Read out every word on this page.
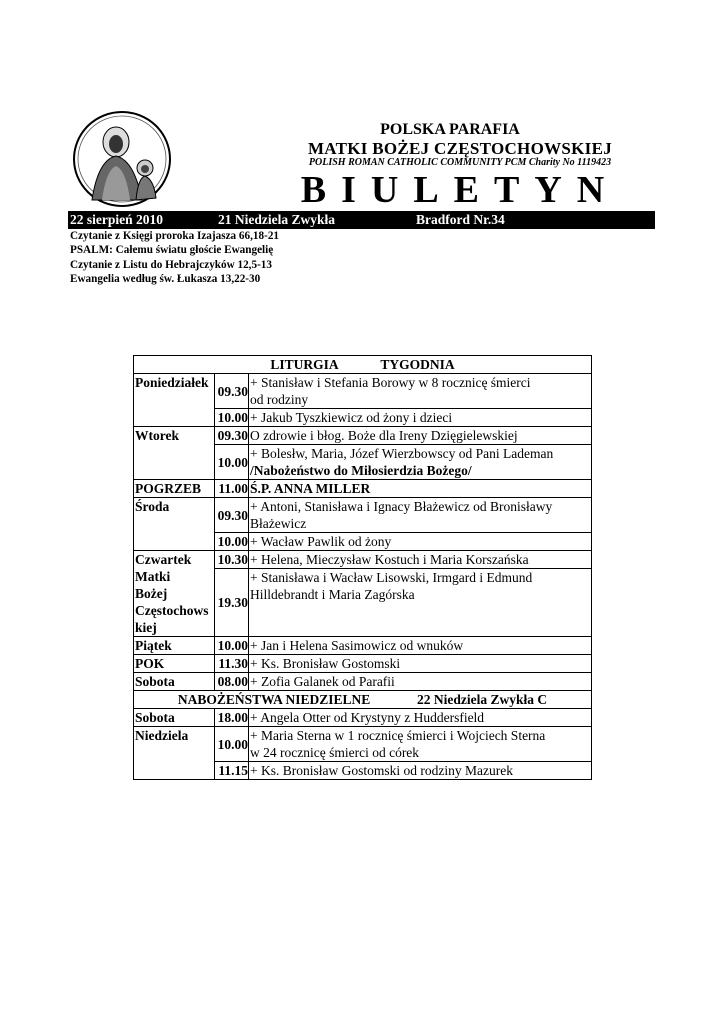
POLSKA PARAFIA
MATKI BOŻEJ CZĘSTOCHOWSKIEJ
POLISH ROMAN CATHOLIC COMMUNITY PCM Charity No 1119423
BIULETYN
22 sierpień 2010	21 Niedziela Zwykła	Bradford Nr.34
Czytanie z Księgi proroka Izajasza 66,18-21
PSALM: Całemu światu głoście Ewangelię
Czytanie z Listu do Hebrajczyków 12,5-13
Ewangelia według św. Łukasza 13,22-30
LITURGIA TYGODNIA		
Poniedziałek	09.30	+ Stanisław i Stefania Borowy w 8 rocznicę śmierci
od rodziny

	10.00	+ Jakub Tyszkiewicz od żony i dzieci
Wtorek	09.30	O zdrowie i błog. Boże dla Ireny Dzięgielewskiej
	10.00	+ Bolesłw, Maria, Józef Wierzbowscy od Pani Lademan
/Nabożeństwo do Miłosierdzia Bożego/

POGRZEB	11.00	Ś.P. ANNA MILLER
Środa	09.30	+ Antoni, Stanisława i Ignacy Błażewicz od Bronisławy
Błażewicz

	10.00	+ Wacław Pawlik od żony

Czwartek
Matki
Bożej
Częstochows
kiej	10.30	+ Helena, Mieczysław Kostuch i Maria Korszańska
	19.30	+ Stanisława i Wacław Lisowski, Irmgard i Edmund
Hilldebrandt i Maria Zagórska

Piątek	10.00	+ Jan i Helena Sasimowicz od wnuków
POK	11.30	+ Ks. Bronisław Gostomski
Sobota	08.00	+ Zofia Galanek od Parafii
NABOŻEŃSTWA NIEDZIELNE 22 Niedziela Zwykła C		
Sobota	18.00	+ Angela Otter od Krystyny z Huddersfield
Niedziela	10.00	+ Maria Sterna w 1 rocznicę śmierci i Wojciech Sterna
w 24 rocznicę śmierci od córek

	11.15	+ Ks. Bronisław Gostomski od rodziny Mazurek
